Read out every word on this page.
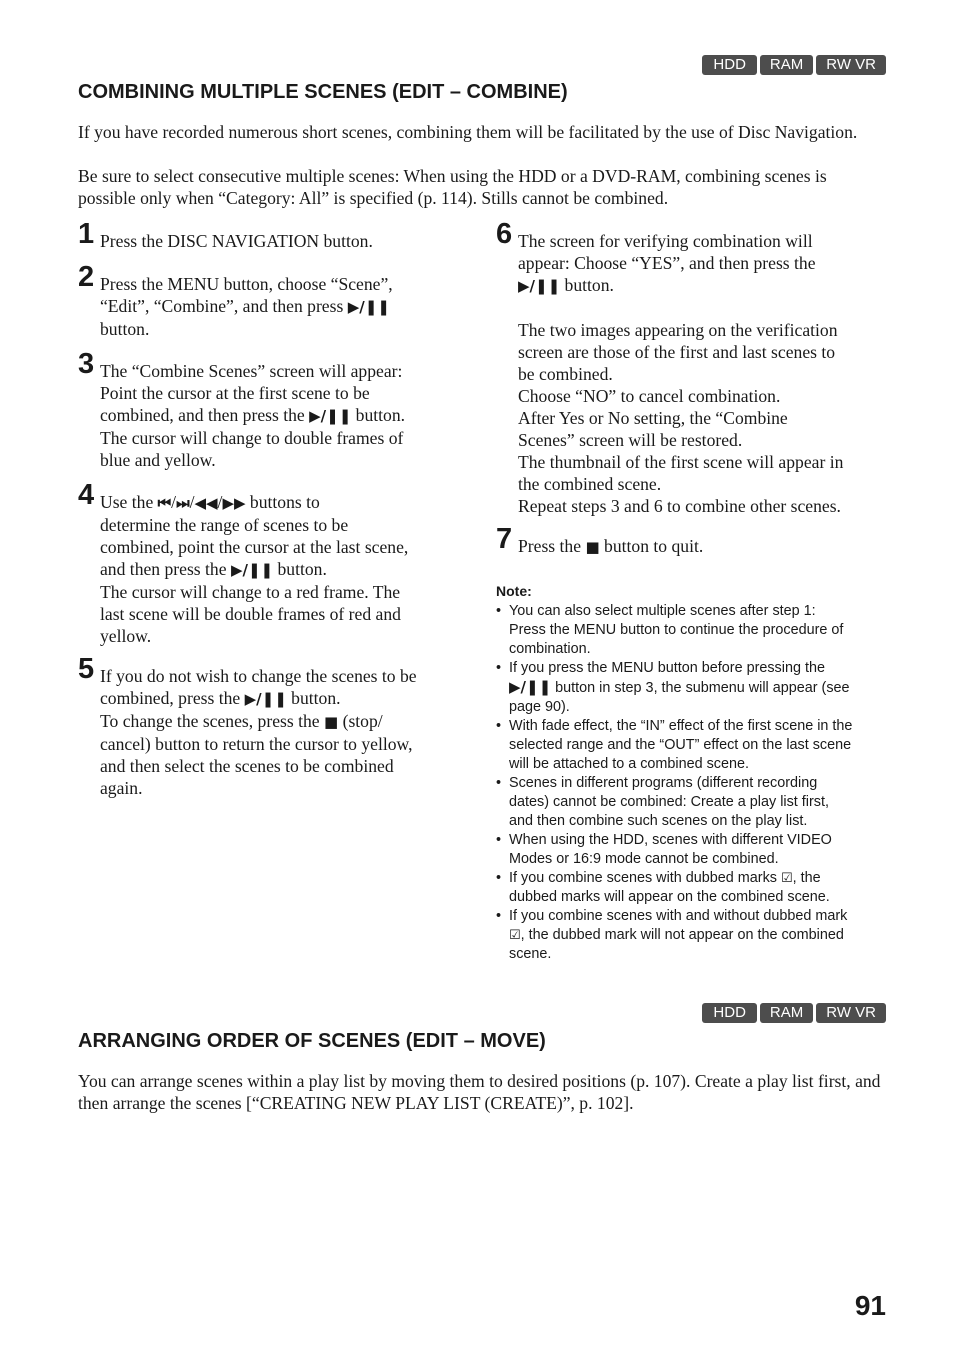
HDD	RAM	RW VR
COMBINING MULTIPLE SCENES (EDIT – COMBINE)

If you have recorded numerous short scenes, combining them will be facilitated by the use of Disc Navigation.

Be sure to select consecutive multiple scenes: When using the HDD or a DVD-RAM, combining scenes is possible only when “Category: All” is specified (p. 114). Stills cannot be combined.

1 Press the DISC NAVIGATION button.
2 Press the MENU button, choose “Scene”,
“Edit”, “Combine”, and then press ▶/❚❚
button.
3 The “Combine Scenes” screen will appear:
Point the cursor at the first scene to be
combined, and then press the ▶/❚❚ button.
The cursor will change to double frames of
blue and yellow.
4 Use the ⏮/⏭/◀◀/▶▶ buttons to
determine the range of scenes to be
combined, point the cursor at the last scene,
and then press the ▶/❚❚ button.
The cursor will change to a red frame. The
last scene will be double frames of red and
yellow.
5 If you do not wish to change the scenes to be
combined, press the ▶/❚❚ button.
To change the scenes, press the ■ (stop/
cancel) button to return the cursor to yellow,
and then select the scenes to be combined
again.
6 The screen for verifying combination will
appear: Choose “YES”, and then press the
▶/❚❚ button.

The two images appearing on the verification
screen are those of the first and last scenes to
be combined.
Choose “NO” to cancel combination.
After Yes or No setting, the “Combine
Scenes” screen will be restored.
The thumbnail of the first scene will appear in
the combined scene.
Repeat steps 3 and 6 to combine other scenes.
7 Press the ■ button to quit.
Note:
• You can also select multiple scenes after step 1:
Press the MENU button to continue the procedure of
combination.
• If you press the MENU button before pressing the
▶/❚❚ button in step 3, the submenu will appear (see
page 90).
• With fade effect, the “IN” effect of the first scene in the
selected range and the “OUT” effect on the last scene
will be attached to a combined scene.
• Scenes in different programs (different recording
dates) cannot be combined: Create a play list first,
and then combine such scenes on the play list.
• When using the HDD, scenes with different VIDEO
Modes or 16:9 mode cannot be combined.
• If you combine scenes with dubbed marks ☑, the
dubbed marks will appear on the combined scene.
• If you combine scenes with and without dubbed mark
☑, the dubbed mark will not appear on the combined
scene.
HDD	RAM	RW VR
ARRANGING ORDER OF SCENES (EDIT – MOVE)

You can arrange scenes within a play list by moving them to desired positions (p. 107). Create a play list first, and then arrange the scenes [“CREATING NEW PLAY LIST (CREATE)”, p. 102].

91
